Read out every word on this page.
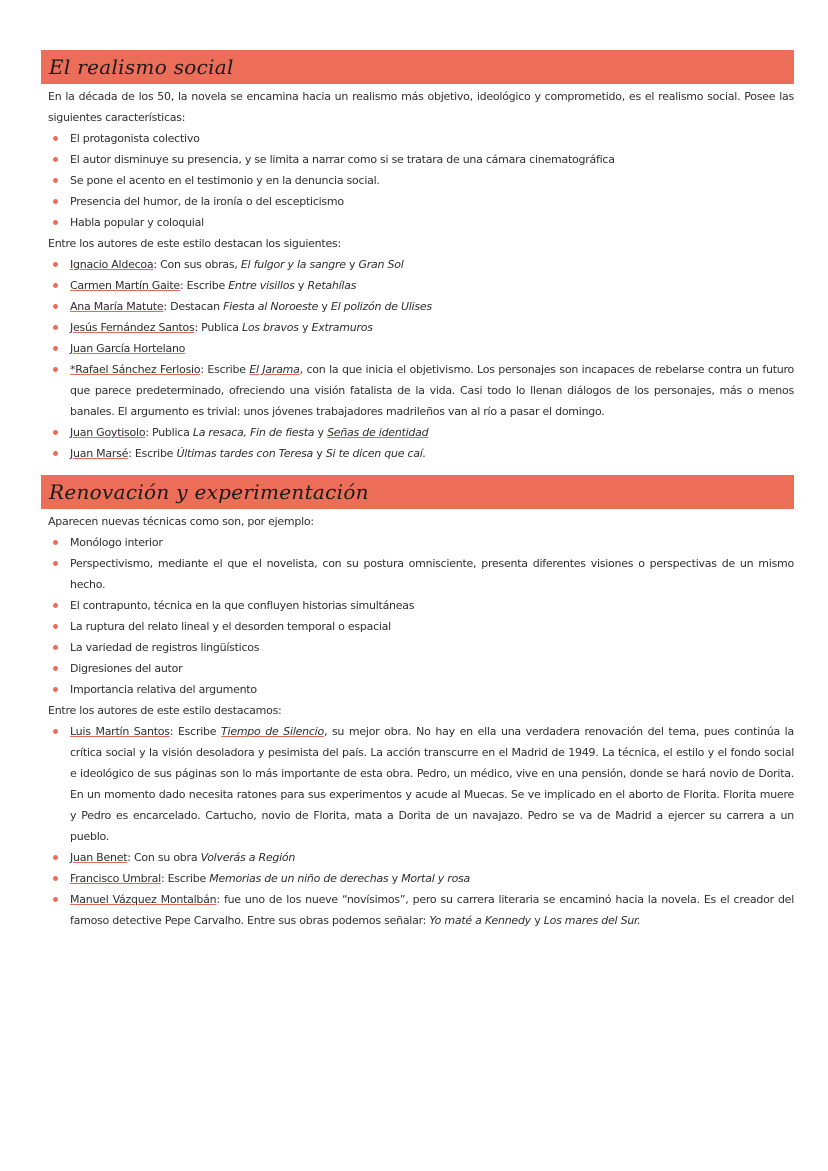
El realismo social

En la década de los 50, la novela se encamina hacia un realismo más objetivo, ideológico y comprometido, es el realismo social. Posee las siguientes características:

El protagonista colectivo
El autor disminuye su presencia, y se limita a narrar como si se tratara de una cámara cinematográfica
Se pone el acento en el testimonio y en la denuncia social.
Presencia del humor, de la ironía o del escepticismo
Habla popular y coloquial

Entre los autores de este estilo destacan los siguientes:

Ignacio Aldecoa: Con sus obras, El fulgor y la sangre y Gran Sol
Carmen Martín Gaite: Escribe Entre visillos y Retahílas
Ana María Matute: Destacan Fiesta al Noroeste y El polizón de Ulises
Jesús Fernández Santos: Publica Los bravos y Extramuros
Juan García Hortelano
*Rafael Sánchez Ferlosio: Escribe El Jarama, con la que inicia el objetivismo. Los personajes son incapaces de rebelarse contra un futuro que parece predeterminado, ofreciendo una visión fatalista de la vida. Casi todo lo llenan diálogos de los personajes, más o menos banales. El argumento es trivial: unos jóvenes trabajadores madrileños van al río a pasar el domingo.
Juan Goytisolo: Publica La resaca, Fin de fiesta y Señas de identidad
Juan Marsé: Escribe Últimas tardes con Teresa y Si te dicen que caí.
Renovación y experimentación

Aparecen nuevas técnicas como son, por ejemplo:

Monólogo interior
Perspectivismo, mediante el que el novelista, con su postura omnisciente, presenta diferentes visiones o perspectivas de un mismo hecho.
El contrapunto, técnica en la que confluyen historias simultáneas
La ruptura del relato lineal y el desorden temporal o espacial
La variedad de registros lingüísticos
Digresiones del autor
Importancia relativa del argumento

Entre los autores de este estilo destacamos:

Luis Martín Santos: Escribe Tiempo de Silencio, su mejor obra. No hay en ella una verdadera renovación del tema, pues continúa la crítica social y la visión desoladora y pesimista del país. La acción transcurre en el Madrid de 1949. La técnica, el estilo y el fondo social e ideológico de sus páginas son lo más importante de esta obra. Pedro, un médico, vive en una pensión, donde se hará novio de Dorita. En un momento dado necesita ratones para sus experimentos y acude al Muecas. Se ve implicado en el aborto de Florita. Florita muere y Pedro es encarcelado. Cartucho, novio de Florita, mata a Dorita de un navajazo. Pedro se va de Madrid a ejercer su carrera a un pueblo.
Juan Benet: Con su obra Volverás a Región
Francisco Umbral: Escribe Memorias de un niño de derechas y Mortal y rosa
Manuel Vázquez Montalbán: fue uno de los nueve “novísimos”, pero su carrera literaria se encaminó hacia la novela. Es el creador del famoso detective Pepe Carvalho. Entre sus obras podemos señalar: Yo maté a Kennedy y Los mares del Sur.
